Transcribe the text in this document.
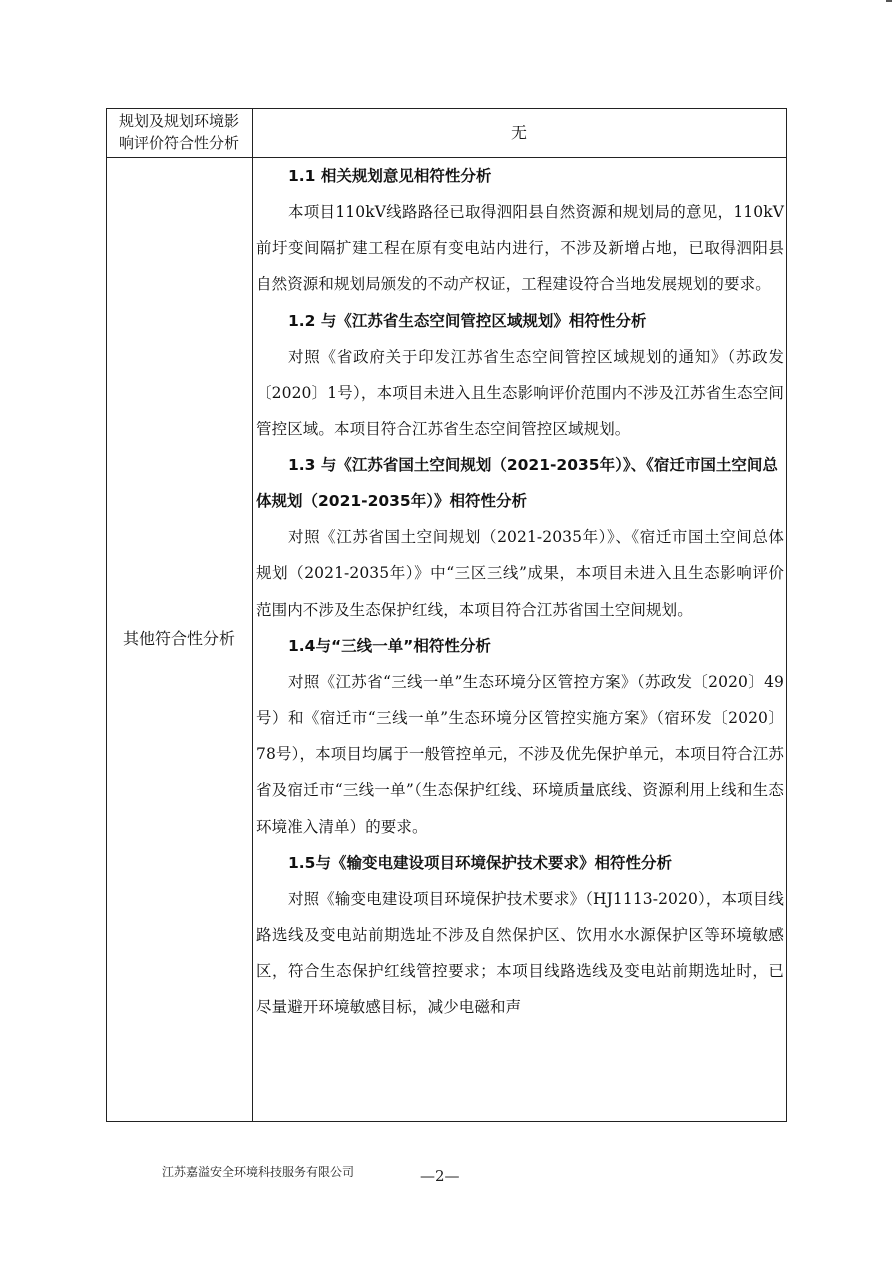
规划及规划环境影
响评价符合性分析
无
其他符合性分析
1.1 相关规划意见相符性分析
本项目110kV线路路径已取得泗阳县自然资源和规划局的意见，110kV前圩变间隔扩建工程在原有变电站内进行，不涉及新增占地，已取得泗阳县自然资源和规划局颁发的不动产权证，工程建设符合当地发展规划的要求。
1.2 与《江苏省生态空间管控区域规划》相符性分析
对照《省政府关于印发江苏省生态空间管控区域规划的通知》（苏政发〔2020〕1号），本项目未进入且生态影响评价范围内不涉及江苏省生态空间管控区域。本项目符合江苏省生态空间管控区域规划。
1.3 与《江苏省国土空间规划（2021-2035年）》、《宿迁市国土空间总体规划（2021-2035年）》相符性分析
对照《江苏省国土空间规划（2021-2035年）》、《宿迁市国土空间总体规划（2021-2035年）》中“三区三线”成果，本项目未进入且生态影响评价范围内不涉及生态保护红线，本项目符合江苏省国土空间规划。
1.4与“三线一单”相符性分析
对照《江苏省“三线一单”生态环境分区管控方案》（苏政发〔2020〕49号）和《宿迁市“三线一单”生态环境分区管控实施方案》（宿环发〔2020〕78号），本项目均属于一般管控单元，不涉及优先保护单元，本项目符合江苏省及宿迁市“三线一单”（生态保护红线、环境质量底线、资源利用上线和生态环境准入清单）的要求。
1.5与《输变电建设项目环境保护技术要求》相符性分析
对照《输变电建设项目环境保护技术要求》（HJ1113-2020），本项目线路选线及变电站前期选址不涉及自然保护区、饮用水水源保护区等环境敏感区，符合生态保护红线管控要求；本项目线路选线及变电站前期选址时，已尽量避开环境敏感目标，减少电磁和声
江苏嘉溢安全环境科技服务有限公司	—2—
